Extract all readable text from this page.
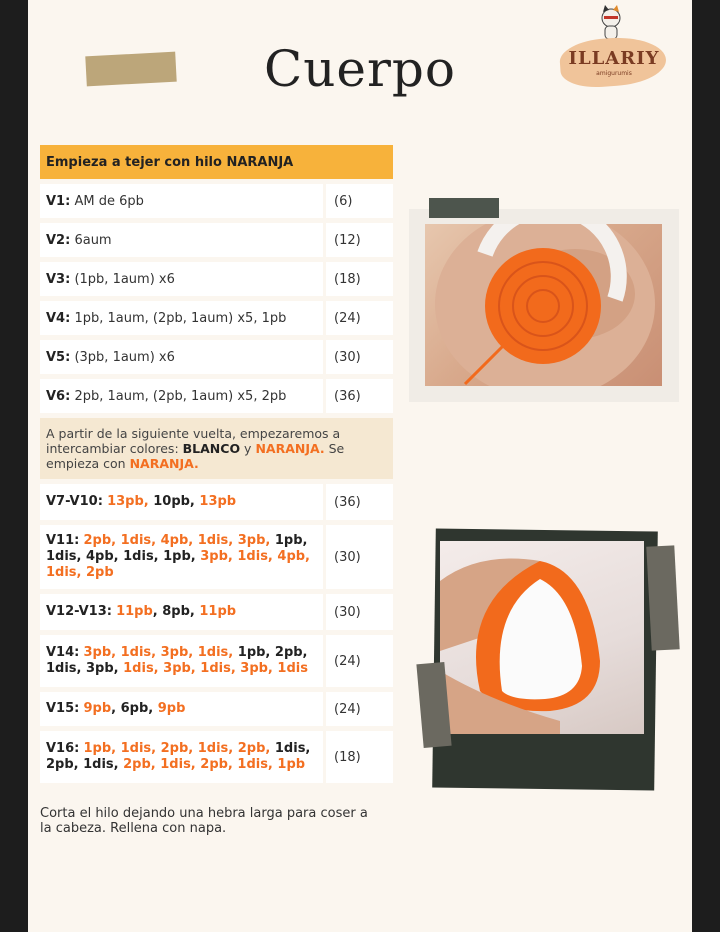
Cuerpo	ILLARIY
amigurumis
Empieza a tejer con hilo NARANJA	
V1: AM de 6pb	(6)
V2: 6aum	(12)
V3: (1pb, 1aum) x6	(18)
V4: 1pb, 1aum, (2pb, 1aum) x5, 1pb	(24)
V5: (3pb, 1aum) x6	(30)
V6: 2pb, 1aum, (2pb, 1aum) x5, 2pb	(36)
A partir de la siguiente vuelta, empezaremos a intercambiar colores: BLANCO y NARANJA. Se empieza con NARANJA.	
V7-V10: 13pb, 10pb, 13pb	(36)
V11: 2pb, 1dis, 4pb, 1dis, 3pb, 1pb, 1dis, 4pb, 1dis, 1pb, 3pb, 1dis, 4pb, 1dis, 2pb	(30)
V12-V13: 11pb, 8pb, 11pb	(30)
V14: 3pb, 1dis, 3pb, 1dis, 1pb, 2pb, 1dis, 3pb, 1dis, 3pb, 1dis, 3pb, 1dis	(24)
V15: 9pb, 6pb, 9pb	(24)
V16: 1pb, 1dis, 2pb, 1dis, 2pb, 1dis, 2pb, 1dis, 2pb, 1dis, 2pb, 1dis, 1pb	(18)
Corta el hilo dejando una hebra larga para coser a la cabeza. Rellena con napa.
